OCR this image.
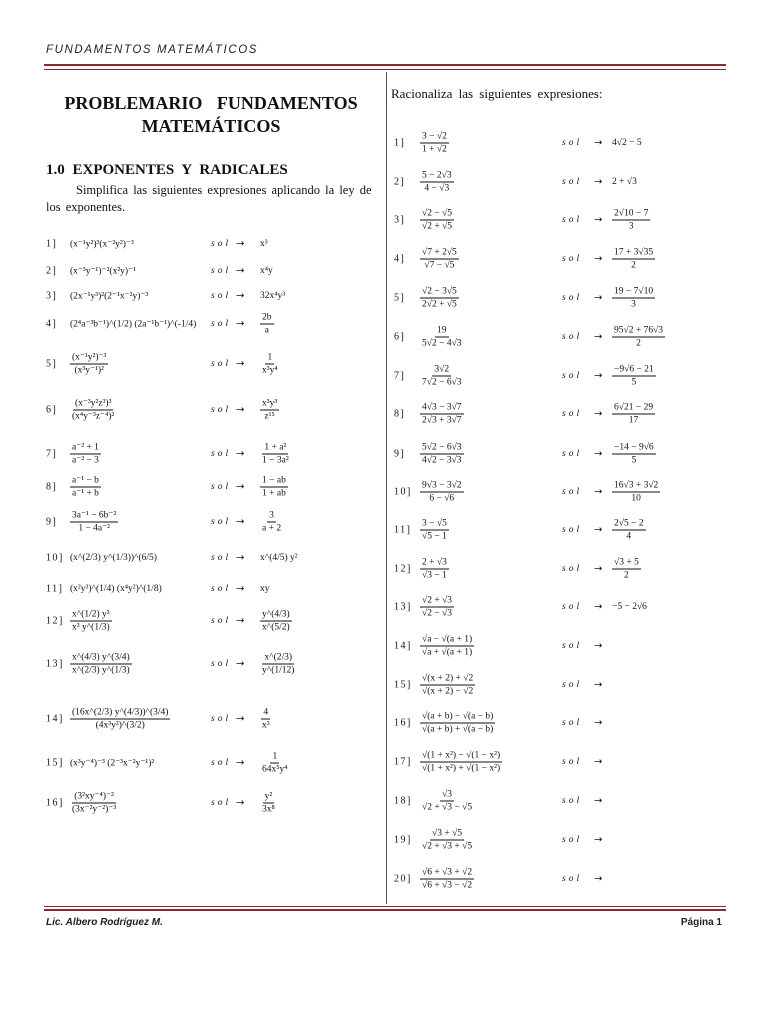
FUNDAMENTOS MATEMÁTICOS
PROBLEMARIO FUNDAMENTOS MATEMÁTICOS
1.0 EXPONENTES Y RADICALES
Simplifica las siguientes expresiones aplicando la ley de los exponentes.
1] (x⁻¹y²)³(x⁻²y²)⁻³	sol → x³
2] (x⁻³y⁻¹)⁻²(x²y)⁻¹	sol → x⁴y
3] (2x⁻¹y³)²(2⁻¹x⁻²y)⁻³	sol → 32x⁴y³
4] (2⁴a⁻³b⁻¹)^(1/2) (2a⁻¹b⁻¹)^(-1/4) sol → $\frac{2b}{a}$
$5] \frac{\text{(x⁻¹y²)⁻³}}{\text{(x³y⁻¹)²}}$	sol → $\frac{1}{\text{x³y⁴}}$
$6] \frac{\text{(x⁻³y²z³)³}}{\text{(x⁴y⁻³z⁻⁴)²}}$	sol → $\frac{\text{x³y³}}{\text{z¹⁵}}$
$7] \frac{\text{a⁻² + 1}}{\text{a⁻² − 3}}$	sol → $\frac{\text{1 + a²}}{\text{1 − 3a²}}$
$8] \frac{\text{a⁻¹ − b}}{\text{a⁻¹ + b}}$	sol → $\frac{1 - ab}{1 + ab}$
$9] \frac{\text{3a⁻¹ − 6b⁻²}}{\text{1 − 4a⁻²}}$	sol → $\frac{3}{a + 2}$
10] (x^(2/3) y^(1/3))^(6/5)	sol → x^(4/5) y²
11] (x²y³)^(1/4) (x⁴y²)^(1/8)	sol → xy
$12] \frac{\text{x\textasciicircum{}(1/2) y³}}{\text{x³ y\textasciicircum{}(1/3)}}$	sol → $\frac{y\^{}(4/3)}{x\^{}(5/2)}$
$13] \frac{x\^{}(4/3) y\^{}(3/4)}{x\^{}(2/3) y\^{}(1/3)}$	sol → $\frac{x\^{}(2/3)}{y\^{}(1/12)}$
$14] \frac{(16x\^{}(2/3) y\^{}(4/3))\^{}(3/4)}{\text{(4x³y²)\textasciicircum{}(3/2)}}$	sol → $\frac{4}{\text{x³}}$
15] (x³y⁻⁴)⁻³ (2⁻³x⁻²y⁻¹)²	sol → $\frac{1}{\text{64x⁵y⁴}}$
$16] \frac{\text{(3²xy⁻⁴)⁻²}}{\text{(3x⁻²y⁻²)⁻³}}$	sol → $\frac{\text{y²}}{\text{3x⁸}}$
Racionaliza las siguientes expresiones:
$1] \frac{3 - √2}{1 + √2}$	sol → 4√2 − 5
$2] \frac{5 - 2√3}{4 - √3}$	sol → 2 + √3
$3] \frac{√2 - √5}{√2 + √5}$	sol → $\frac{2√10 - 7}{3}$
$4] \frac{√7 + 2√5}{√7 - √5}$	sol → $\frac{17 + 3√35}{2}$
$5] \frac{√2 - 3√5}{2√2 + √5}$	sol → $\frac{19 - 7√10}{3}$
$6] \frac{19}{5√2 - 4√3}$	sol → $\frac{95√2 + 76√3}{2}$
$7] \frac{3√2}{7√2 - 6√3}$	sol → $\frac{-9√6 - 21}{5}$
$8] \frac{4√3 - 3√7}{2√3 + 3√7}$	sol → $\frac{6√21 - 29}{17}$
$9] \frac{5√2 - 6√3}{4√2 - 3√3}$	sol → $\frac{-14 - 9√6}{5}$
$10] \frac{9√3 - 3√2}{6 - √6}$	sol → $\frac{16√3 + 3√2}{10}$
$11] \frac{3 - √5}{√5 - 1}$	sol → $\frac{2√5 - 2}{4}$
$12] \frac{2 + √3}{√3 - 1}$	sol → $\frac{√3 + 5}{2}$
$13] \frac{√2 + √3}{√2 - √3}$	sol → −5 − 2√6
$14] \frac{√a - √(a + 1)}{√a + √(a + 1)}$	sol →
$15] \frac{√(x + 2) + √2}{√(x + 2) - √2}$	sol →
$16] \frac{√(a + b) - √(a - b)}{√(a + b) + √(a - b)}$	sol →
$17] \frac{\text{√(1 + x²) − √(1 − x²)}}{\text{√(1 + x²) + √(1 − x²)}}$	sol →
$18] \frac{√3}{√2 + √3 - √5}$	sol →
$19] \frac{√3 + √5}{√2 + √3 + √5}$	sol →
$20] \frac{√6 + √3 + √2}{√6 + √3 - √2}$	sol →
Lic. Albero Rodríguez M.	Página 1
